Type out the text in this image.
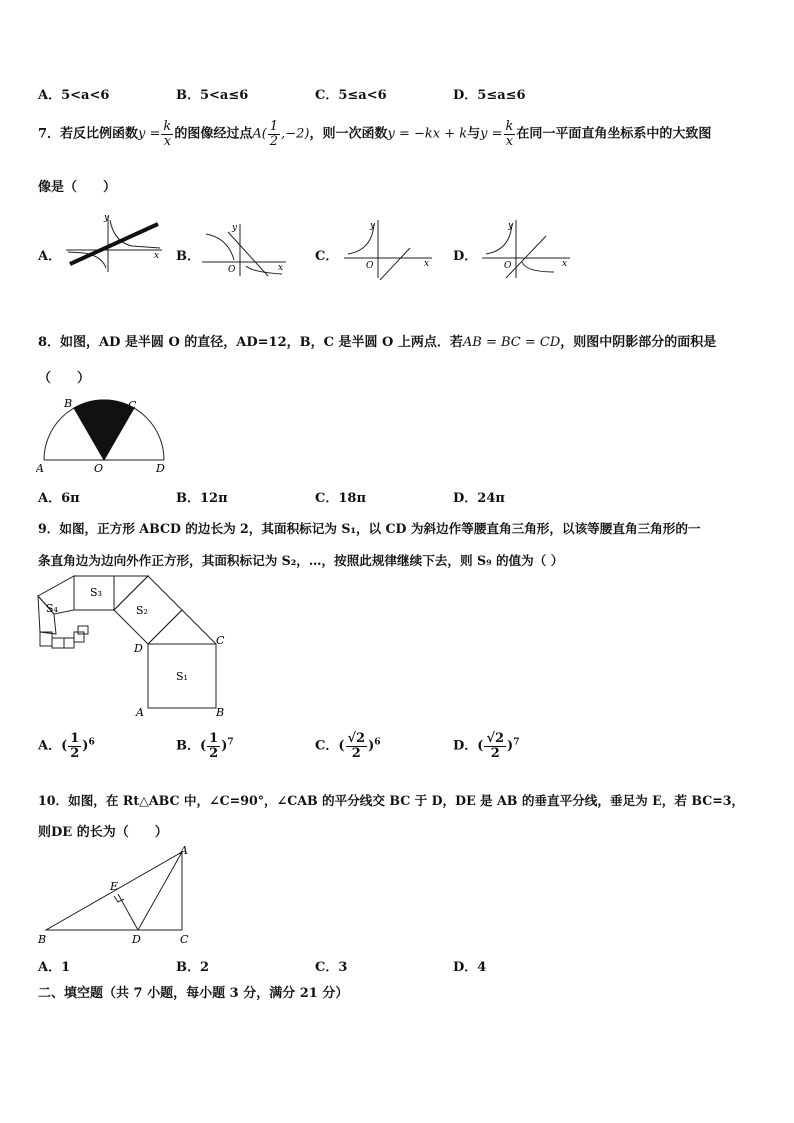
A．5<a<6	B．5<a≤6	C．5≤a<6	D．5≤a≤6
7．若反比例函数$y = \frac{k}{x}$ 的图像经过点$A( \frac{1}{2} ,-2)$，则一次函数y = −kx + k与$y = \frac{k}{x}$ 在同一平面直角坐标系中的大致图
像是（　　）
A．
y
x B．
y
x
O
C．
y
x
O
D．
y
x
O
8．如图，AD 是半圆 O 的直径，AD=12，B，C 是半圆 O 上两点．若AB = BC = CD，则图中阴影部分的面积是
（　　）
A
B	C
D
O
A．6π	B．12π	C．18π	D．24π
9．如图，正方形 ABCD 的边长为 2，其面积标记为 S₁，以 CD 为斜边作等腰直角三角形，以该等腰直角三角形的一
条直角边为边向外作正方形，其面积标记为 S₂，…，按照此规律继续下去，则 S₉ 的值为（ ）
S₁
S₂
S₃
S₄
A	B
C
D
A．( $\frac{1}{2} )^6$	B．( $\frac{1}{2} )^7$	C．( $\frac{√2}{2} )^6$	D．( $\frac{√2}{2} )^7$
10．如图，在 Rt△ABC 中，∠C=90°，∠CAB 的平分线交 BC 于 D，DE 是 AB 的垂直平分线，垂足为 E，若 BC=3，
则DE 的长为（　　）
B	C
D
A
E
A．1	B．2	C．3	D．4
二、填空题（共 7 小题，每小题 3 分，满分 21 分）
